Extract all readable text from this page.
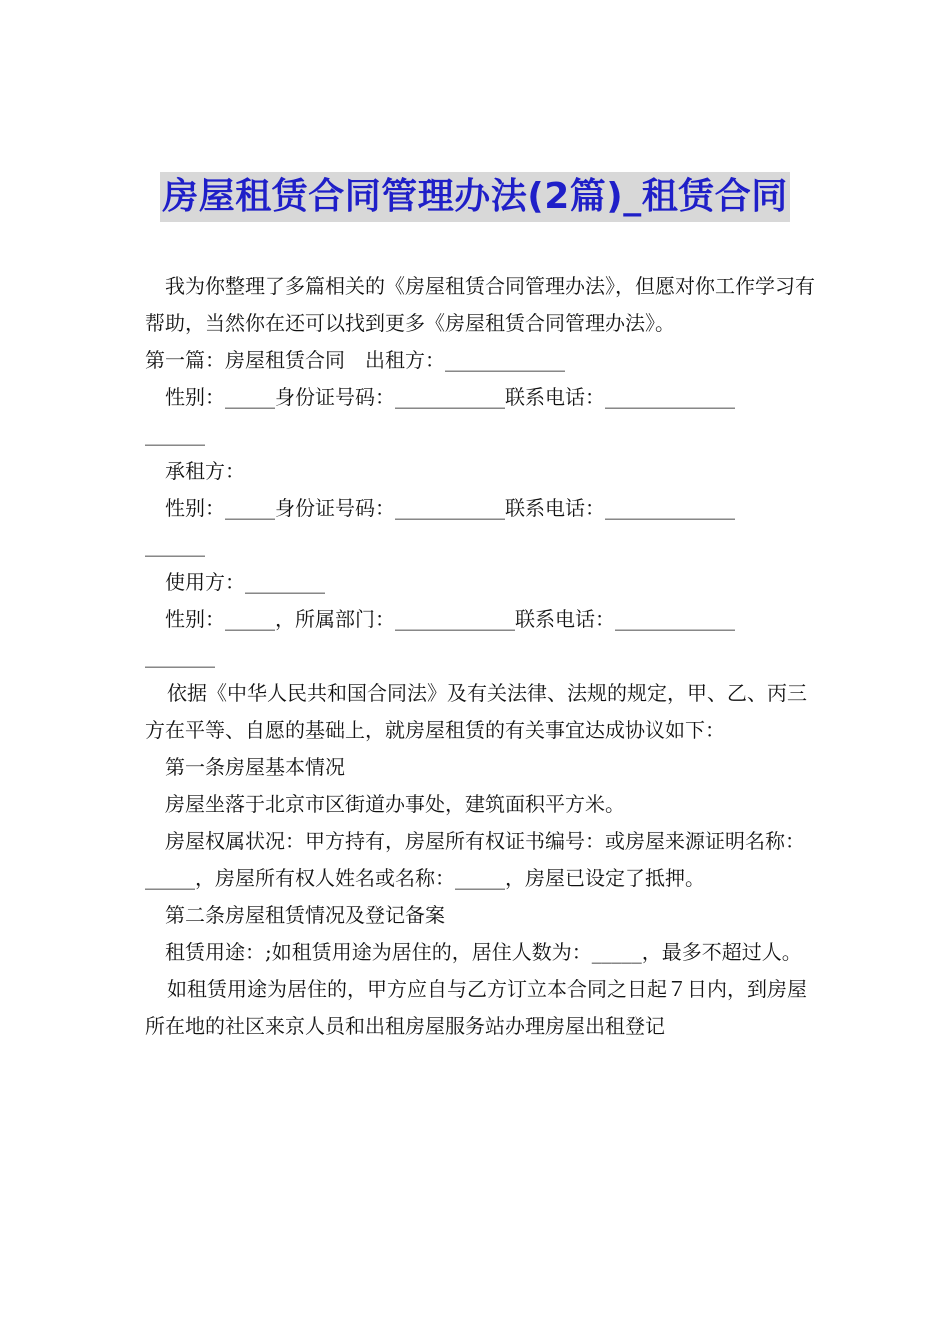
房屋租赁合同管理办法(2篇)_租赁合同

我为你整理了多篇相关的《房屋租赁合同管理办法》，但愿对你工作学习有帮助，当然你在还可以找到更多《房屋租赁合同管理办法》。

第一篇：房屋租赁合同　出租方：____________

性别：_____身份证号码：___________联系电话：_____________

______

承租方：

性别：_____身份证号码：___________联系电话：_____________

______

使用方：________

性别：_____，所属部门：____________联系电话：____________

_______

依据《中华人民共和国合同法》及有关法律、法规的规定，甲、乙、丙三方在平等、自愿的基础上，就房屋租赁的有关事宜达成协议如下：

第一条房屋基本情况

房屋坐落于北京市区街道办事处，建筑面积平方米。

房屋权属状况：甲方持有，房屋所有权证书编号：或房屋来源证明名称：_____，房屋所有权人姓名或名称：_____，房屋已设定了抵押。

第二条房屋租赁情况及登记备案

租赁用途：;如租赁用途为居住的，居住人数为：_____，最多不超过人。

如租赁用途为居住的，甲方应自与乙方订立本合同之日起７日内，到房屋所在地的社区来京人员和出租房屋服务站办理房屋出租登记
